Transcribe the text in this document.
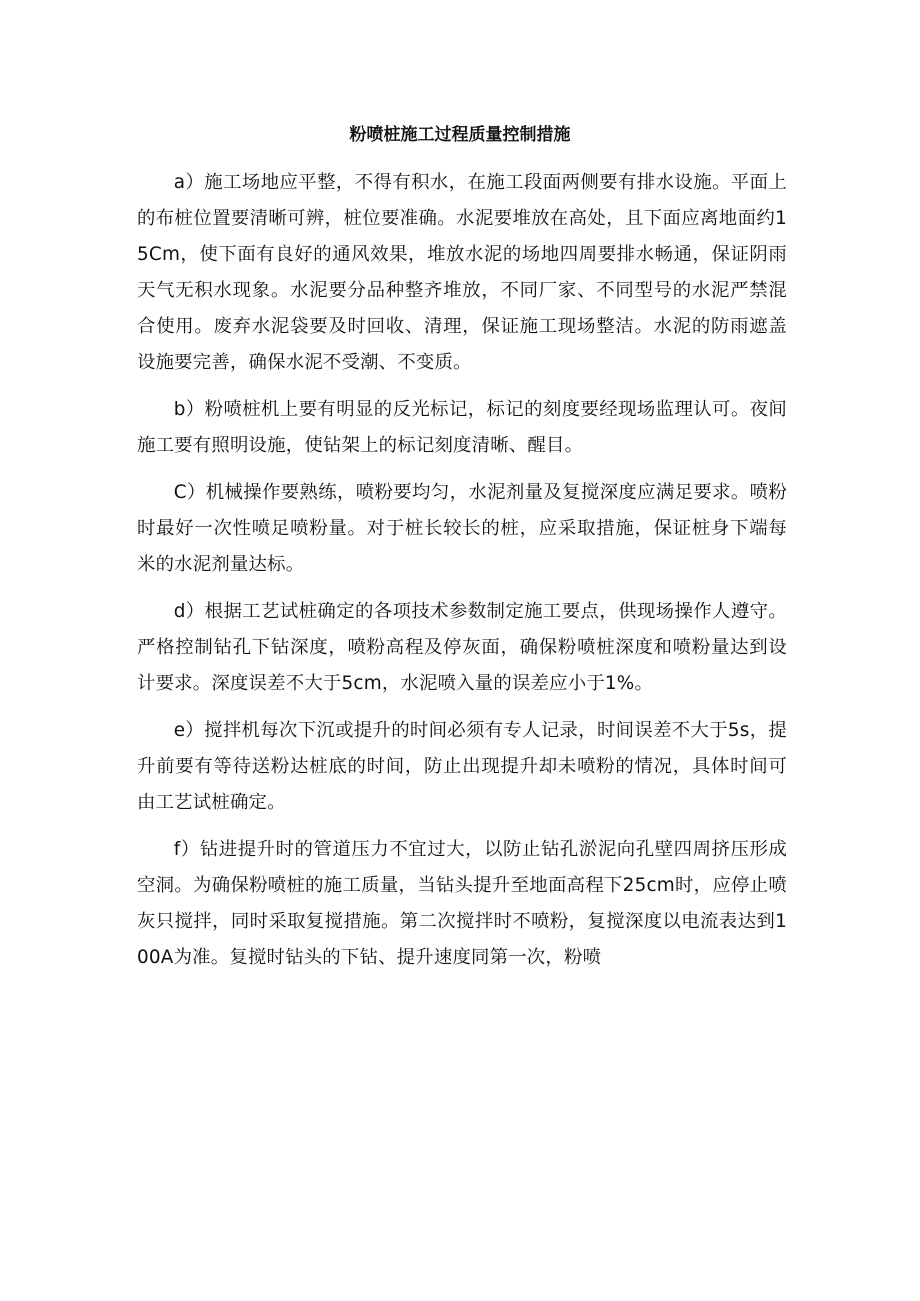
粉喷桩施工过程质量控制措施

a）施工场地应平整，不得有积水，在施工段面两侧要有排水设施。平面上的布桩位置要清晰可辨，桩位要准确。水泥要堆放在高处，且下面应离地面约15Cm，使下面有良好的通风效果，堆放水泥的场地四周要排水畅通，保证阴雨天气无积水现象。水泥要分品种整齐堆放，不同厂家、不同型号的水泥严禁混合使用。废弃水泥袋要及时回收、清理，保证施工现场整洁。水泥的防雨遮盖设施要完善，确保水泥不受潮、不变质。

b）粉喷桩机上要有明显的反光标记，标记的刻度要经现场监理认可。夜间施工要有照明设施，使钻架上的标记刻度清晰、醒目。

C）机械操作要熟练，喷粉要均匀，水泥剂量及复搅深度应满足要求。喷粉时最好一次性喷足喷粉量。对于桩长较长的桩，应采取措施，保证桩身下端每米的水泥剂量达标。

d）根据工艺试桩确定的各项技术参数制定施工要点，供现场操作人遵守。严格控制钻孔下钻深度，喷粉高程及停灰面，确保粉喷桩深度和喷粉量达到设计要求。深度误差不大于5cm，水泥喷入量的误差应小于1%。

e）搅拌机每次下沉或提升的时间必须有专人记录，时间误差不大于5s，提升前要有等待送粉达桩底的时间，防止出现提升却未喷粉的情况，具体时间可由工艺试桩确定。

f）钻进提升时的管道压力不宜过大，以防止钻孔淤泥向孔壁四周挤压形成空洞。为确保粉喷桩的施工质量，当钻头提升至地面高程下25cm时，应停止喷灰只搅拌，同时采取复搅措施。第二次搅拌时不喷粉，复搅深度以电流表达到100A为准。复搅时钻头的下钻、提升速度同第一次，粉喷
